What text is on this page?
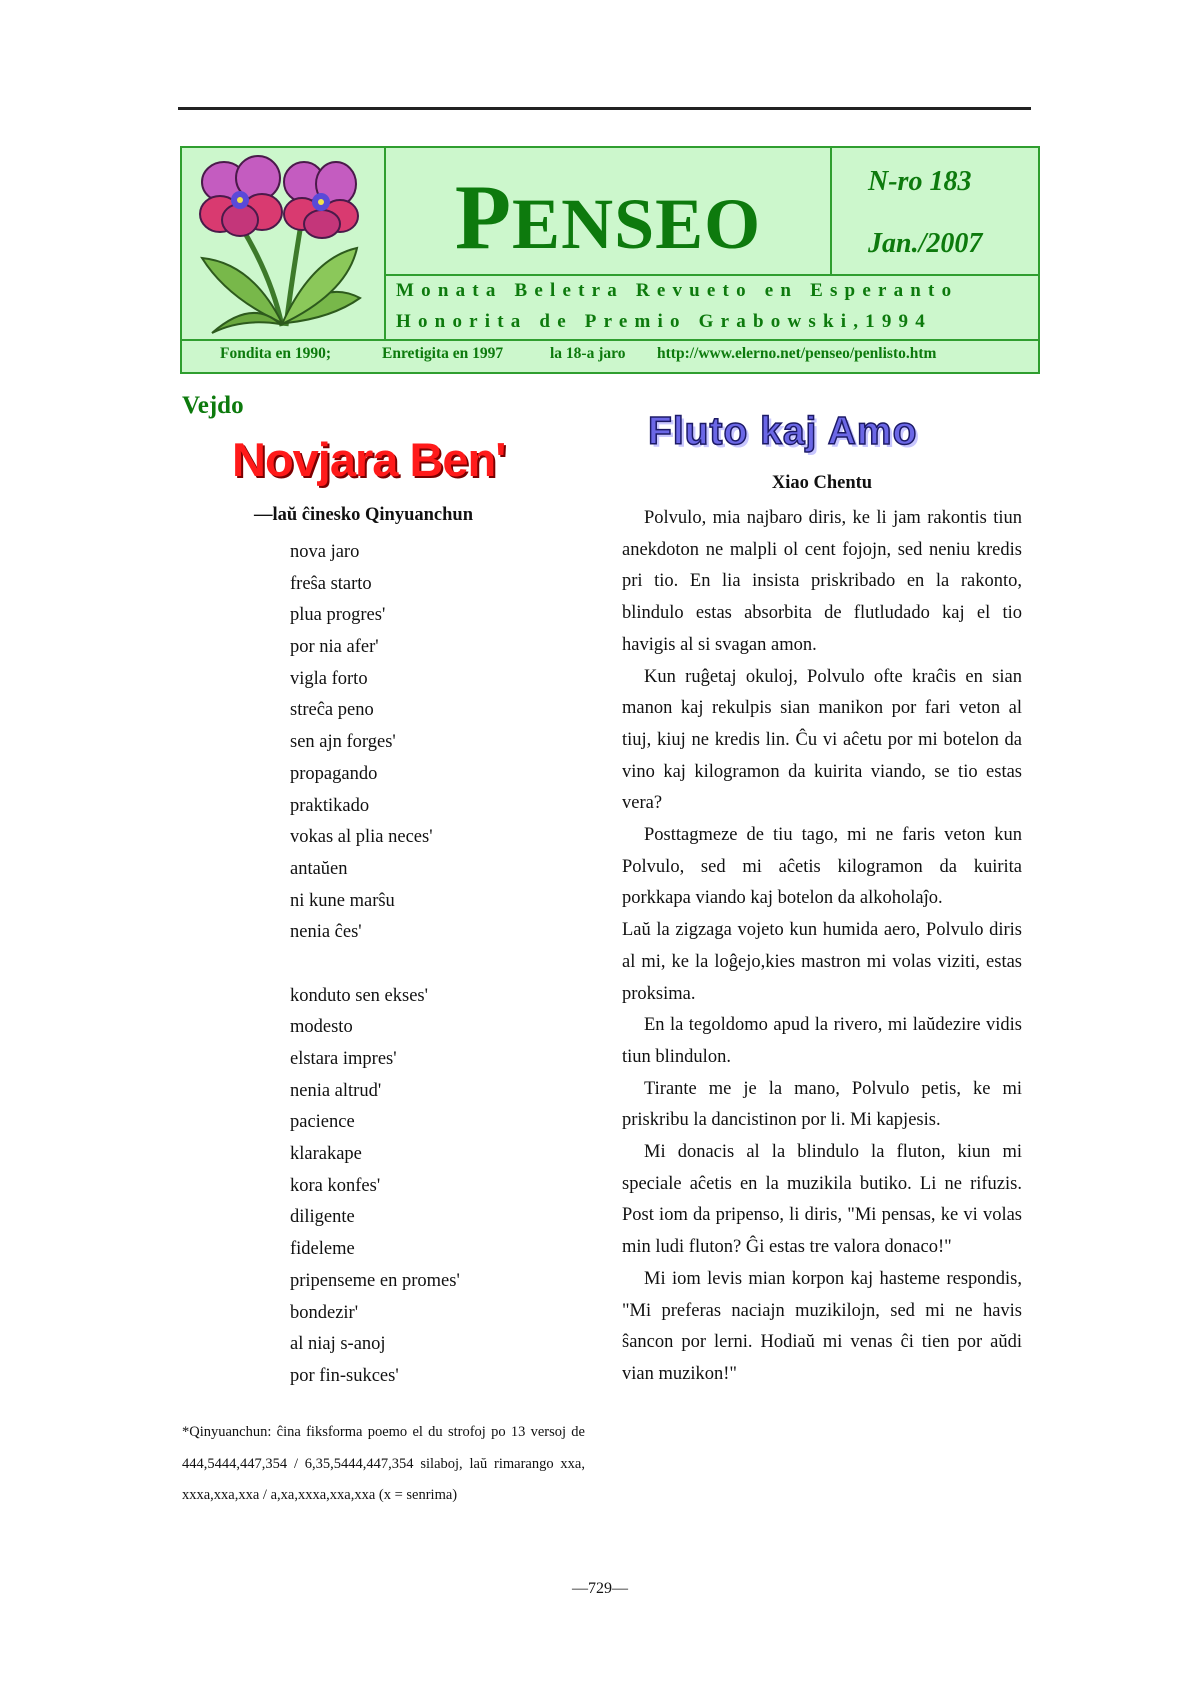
PENSEO
N-ro 183
Jan./2007
Monata Beletra Revueto en Esperanto
Honorita de Premio Grabowski,1994
Fondita en 1990;	Enretigita en 1997	la 18-a jaro http://www.elerno.net/penseo/penlisto.htm
Vejdo
Novjara Ben'
—laŭ ĉinesko Qinyuanchun
nova jaro
freŝa starto
plua progres'
por nia afer'
vigla forto
streĉa peno
sen ajn forges'
propagando
praktikado
vokas al plia neces'
antaŭen
ni kune marŝu
nenia ĉes'
konduto sen ekses'
modesto
elstara impres'
nenia altrud'
pacience
klarakape
kora konfes'
diligente
fideleme
pripenseme en promes'
bondezir'
al niaj s-anoj
por fin-sukces'
*Qinyuanchun: ĉina fiksforma poemo el du strofoj po 13 versoj de 444,5444,447,354 / 6,35,5444,447,354 silaboj, laŭ rimarango xxa, xxxa,xxa,xxa / a,xa,xxxa,xxa,xxa (x = senrima)
Fluto kaj Amo
Xiao Chentu

Polvulo, mia najbaro diris, ke li jam rakontis tiun anekdoton ne malpli ol cent fojojn, sed neniu kredis pri tio. En lia insista priskribado en la rakonto, blindulo estas absorbita de flutludado kaj el tio havigis al si svagan amon.

Kun ruĝetaj okuloj, Polvulo ofte kraĉis en sian manon kaj rekulpis sian manikon por fari veton al tiuj, kiuj ne kredis lin. Ĉu vi aĉetu por mi botelon da vino kaj kilogramon da kuirita viando, se tio estas vera?

Posttagmeze de tiu tago, mi ne faris veton kun Polvulo, sed mi aĉetis kilogramon da kuirita porkkapa viando kaj botelon da alkoholaĵo.

Laŭ la zigzaga vojeto kun humida aero, Polvulo diris al mi, ke la loĝejo,kies mastron mi volas viziti, estas proksima.

En la tegoldomo apud la rivero, mi laŭdezire vidis tiun blindulon.

Tirante me je la mano, Polvulo petis, ke mi priskribu la dancistinon por li. Mi kapjesis.

Mi donacis al la blindulo la fluton, kiun mi speciale aĉetis en la muzikila butiko. Li ne rifuzis. Post iom da pripenso, li diris, "Mi pensas, ke vi volas min ludi fluton? Ĝi estas tre valora donaco!"

Mi iom levis mian korpon kaj hasteme respondis, "Mi preferas naciajn muzikilojn, sed mi ne havis ŝancon por lerni. Hodiaŭ mi venas ĉi tien por aŭdi vian muzikon!"

—729—
